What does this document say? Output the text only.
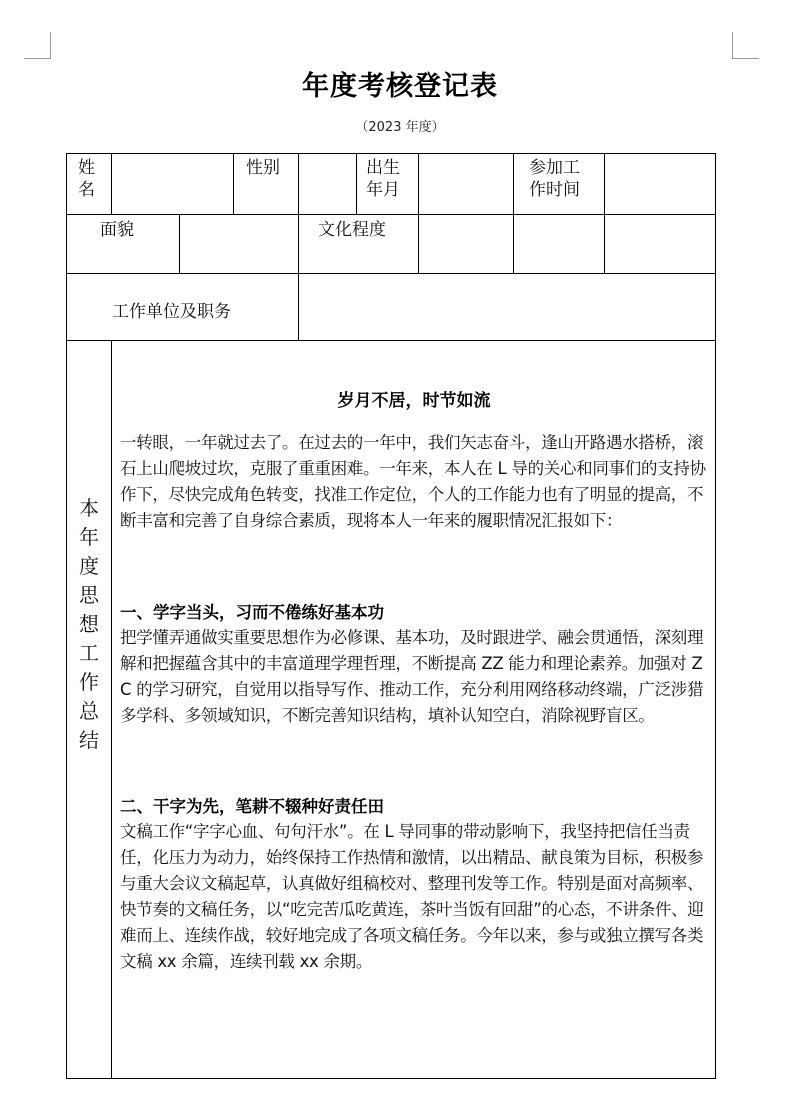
年度考核登记表
（2023 年度）
姓
名
性别	出生
年月
参加工
作时间
面貌	文化程度
工作单位及职务
本
年
度
思
想
工
作
总
结
岁月不居，时节如流
一转眼，一年就过去了。在过去的一年中，我们矢志奋斗，逢山开路遇水搭桥，滚石上山爬坡过坎，克服了重重困难。一年来，本人在 L 导的关心和同事们的支持协作下，尽快完成角色转变，找准工作定位，个人的工作能力也有了明显的提高，不断丰富和完善了自身综合素质，现将本人一年来的履职情况汇报如下：
一、学字当头，习而不倦练好基本功
把学懂弄通做实重要思想作为必修课、基本功，及时跟进学、融会贯通悟，深刻理解和把握蕴含其中的丰富道理学理哲理，不断提高 ZZ 能力和理论素养。加强对 ZC 的学习研究，自觉用以指导写作、推动工作，充分利用网络移动终端，广泛涉猎多学科、多领域知识，不断完善知识结构，填补认知空白，消除视野盲区。
二、干字为先，笔耕不辍种好责任田
文稿工作“字字心血、句句汗水”。在 L 导同事的带动影响下，我坚持把信任当责任，化压力为动力，始终保持工作热情和激情，以出精品、献良策为目标，积极参与重大会议文稿起草，认真做好组稿校对、整理刊发等工作。特别是面对高频率、快节奏的文稿任务，以“吃完苦瓜吃黄连，茶叶当饭有回甜”的心态，不讲条件、迎难而上、连续作战，较好地完成了各项文稿任务。今年以来，参与或独立撰写各类文稿 xx 余篇，连续刊载 xx 余期。
